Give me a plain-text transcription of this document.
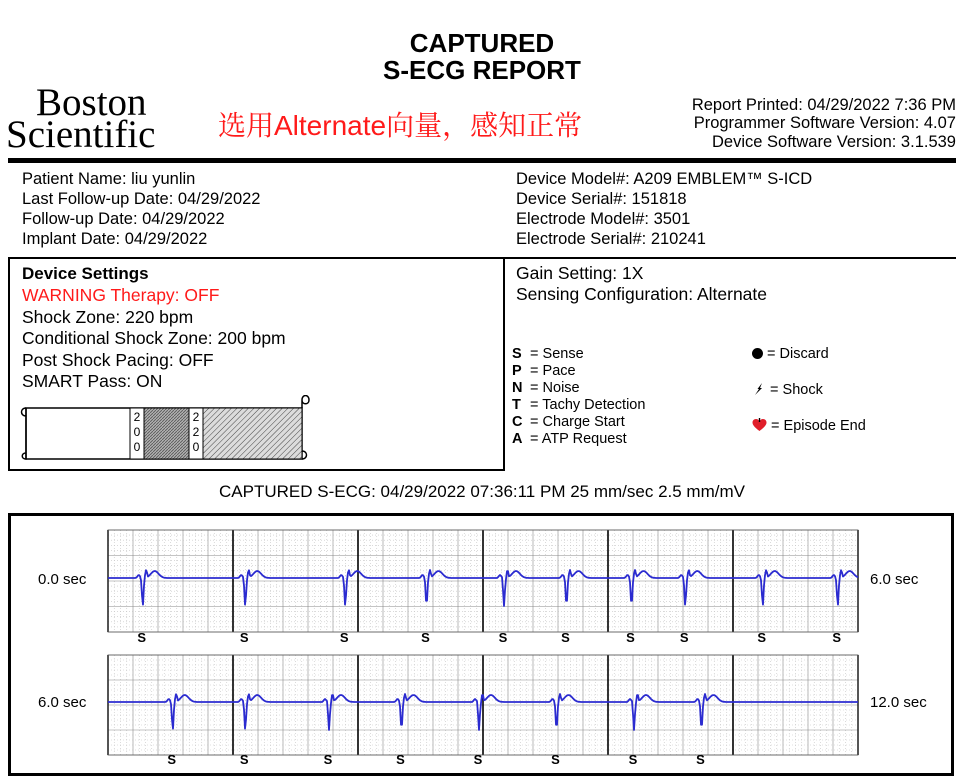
CAPTURED
S-ECG REPORT
Boston
Scientific 选用Alternate向量，感知正常
Report Printed: 04/29/2022 7:36 PM
Programmer Software Version: 4.07
Device Software Version: 3.1.539
Patient Name: liu yunlin
Last Follow-up Date: 04/29/2022
Follow-up Date: 04/29/2022
Implant Date: 04/29/2022
Device Model#: A209 EMBLEM™ S-ICD
Device Serial#: 151818
Electrode Model#: 3501
Electrode Serial#: 210241
Device Settings
WARNING Therapy: OFF
Shock Zone: 220 bpm
Conditional Shock Zone: 200 bpm
Post Shock Pacing: OFF
SMART Pass: ON
2
0
0
2
2
0
Gain Setting: 1X
Sensing Configuration: Alternate
S = Sense
P = Pace
N = Noise
T = Tachy Detection
C = Charge Start
A = ATP Request
= Discard
= Shock
= Episode End
CAPTURED S-ECG: 04/29/2022 07:36:11 PM 25 mm/sec 2.5 mm/mV
0.0 sec	6.0 sec
6.0 sec	12.0 sec
S	S	S	S	S	S	S	S	S	S
S	S	S	S	S	S	S	S
